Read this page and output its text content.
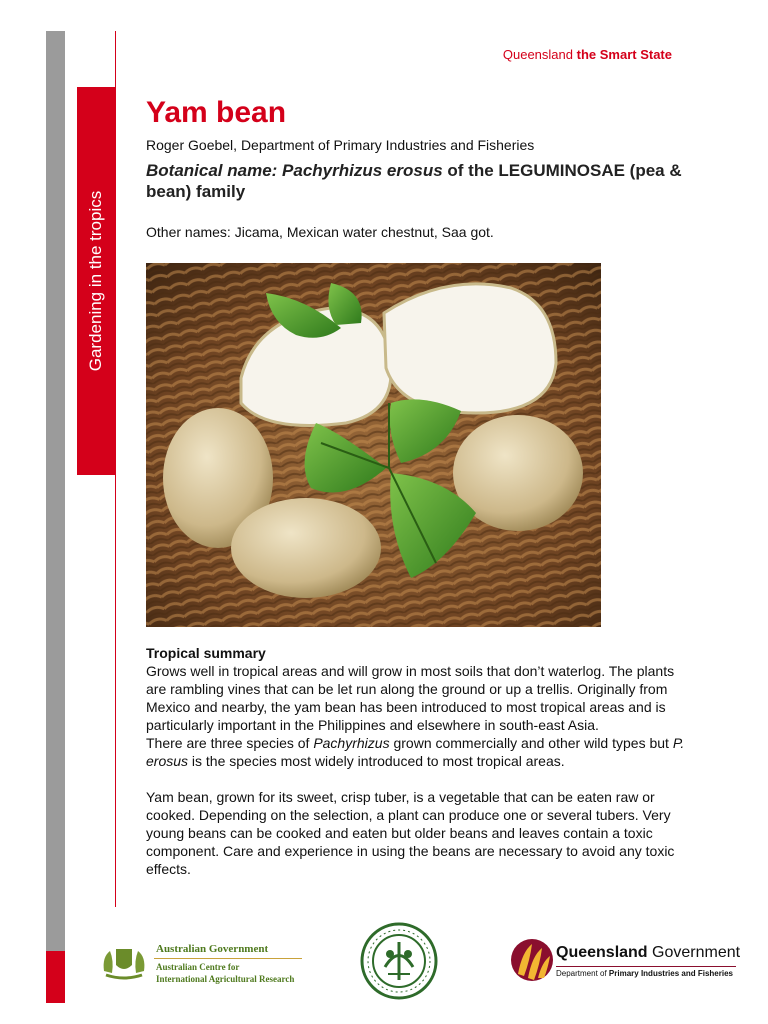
Gardening in the tropics
Queensland the Smart State
Yam bean
Roger Goebel, Department of Primary Industries and Fisheries
Botanical name: Pachyrhizus erosus of the LEGUMINOSAE (pea & bean) family
Other names: Jicama, Mexican water chestnut, Saa got.

Tropical summary

Grows well in tropical areas and will grow in most soils that don’t waterlog. The plants are rambling vines that can be let run along the ground or up a trellis. Originally from Mexico and nearby, the yam bean has been introduced to most tropical areas and is particularly important in the Philippines and elsewhere in south-east Asia.

There are three species of Pachyrhizus grown commercially and other wild types but P. erosus is the species most widely introduced to most tropical areas.

Yam bean, grown for its sweet, crisp tuber, is a vegetable that can be eaten raw or cooked. Depending on the selection, a plant can produce one or several tubers. Very young beans can be cooked and eaten but older beans and leaves contain a toxic component. Care and experience in using the beans are necessary to avoid any toxic effects.

Australian Government
Australian Centre for
International Agricultural Research
Queensland Government
Department of Primary Industries and Fisheries
